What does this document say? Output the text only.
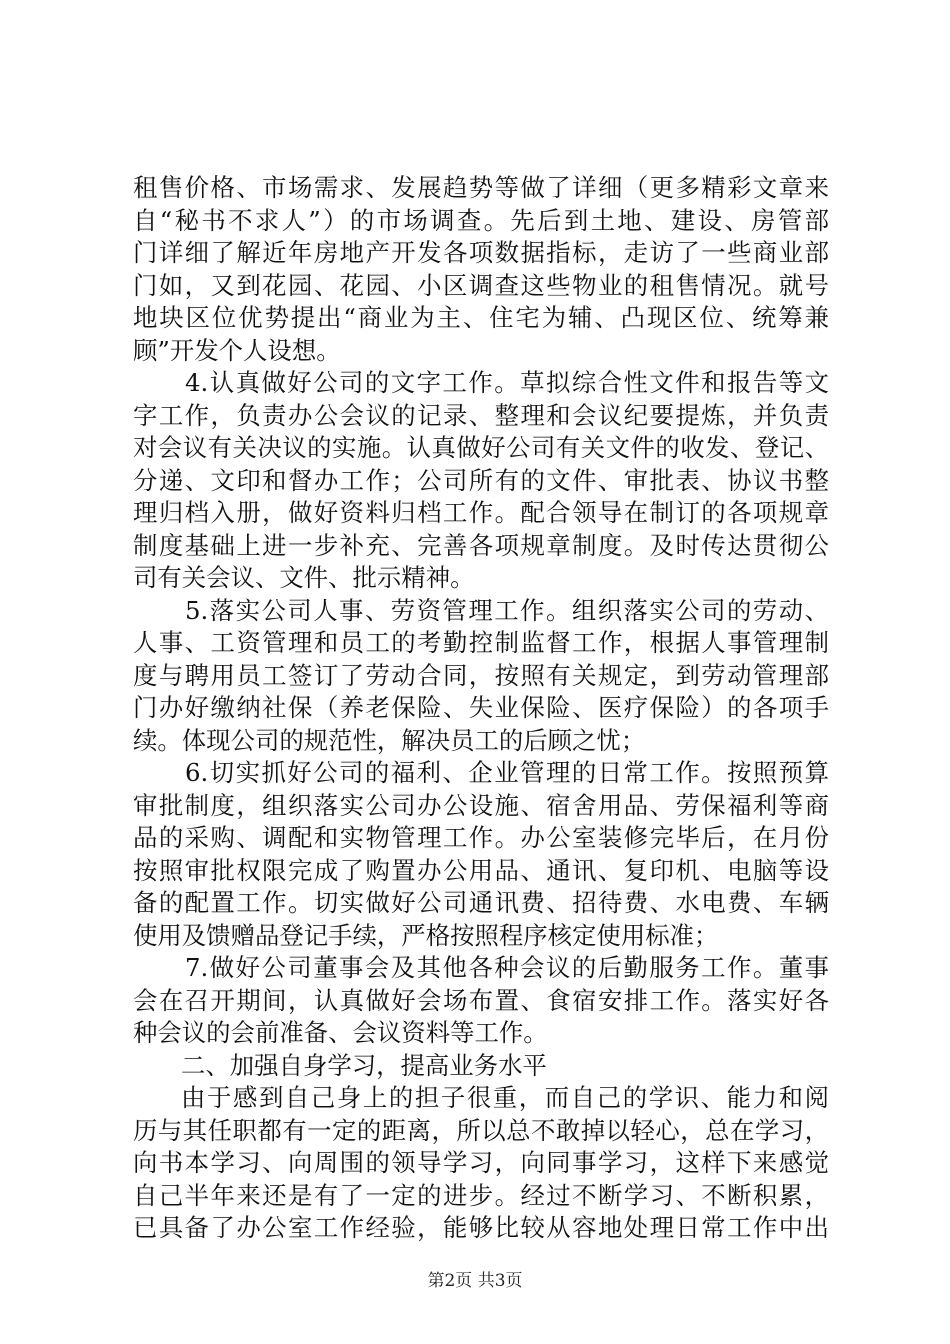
租售价格、市场需求、发展趋势等做了详细（更多精彩文章来
自“秘书不求人”）的市场调查。先后到土地、建设、房管部
门详细了解近年房地产开发各项数据指标，走访了一些商业部
门如，又到花园、花园、小区调查这些物业的租售情况。就号
地块区位优势提出“商业为主、住宅为辅、凸现区位、统筹兼
顾”开发个人设想。
4.认真做好公司的文字工作。草拟综合性文件和报告等文
字工作，负责办公会议的记录、整理和会议纪要提炼，并负责
对会议有关决议的实施。认真做好公司有关文件的收发、登记、
分递、文印和督办工作；公司所有的文件、审批表、协议书整
理归档入册，做好资料归档工作。配合领导在制订的各项规章
制度基础上进一步补充、完善各项规章制度。及时传达贯彻公
司有关会议、文件、批示精神。
5.落实公司人事、劳资管理工作。组织落实公司的劳动、
人事、工资管理和员工的考勤控制监督工作，根据人事管理制
度与聘用员工签订了劳动合同，按照有关规定，到劳动管理部
门办好缴纳社保（养老保险、失业保险、医疗保险）的各项手
续。体现公司的规范性，解决员工的后顾之忧；
6.切实抓好公司的福利、企业管理的日常工作。按照预算
审批制度，组织落实公司办公设施、宿舍用品、劳保福利等商
品的采购、调配和实物管理工作。办公室装修完毕后，在月份
按照审批权限完成了购置办公用品、通讯、复印机、电脑等设
备的配置工作。切实做好公司通讯费、招待费、水电费、车辆
使用及馈赠品登记手续，严格按照程序核定使用标准；
7.做好公司董事会及其他各种会议的后勤服务工作。董事
会在召开期间，认真做好会场布置、食宿安排工作。落实好各
种会议的会前准备、会议资料等工作。
二、加强自身学习，提高业务水平
由于感到自己身上的担子很重，而自己的学识、能力和阅
历与其任职都有一定的距离，所以总不敢掉以轻心，总在学习，
向书本学习、向周围的领导学习，向同事学习，这样下来感觉
自己半年来还是有了一定的进步。经过不断学习、不断积累，
已具备了办公室工作经验，能够比较从容地处理日常工作中出
第2页 共3页
